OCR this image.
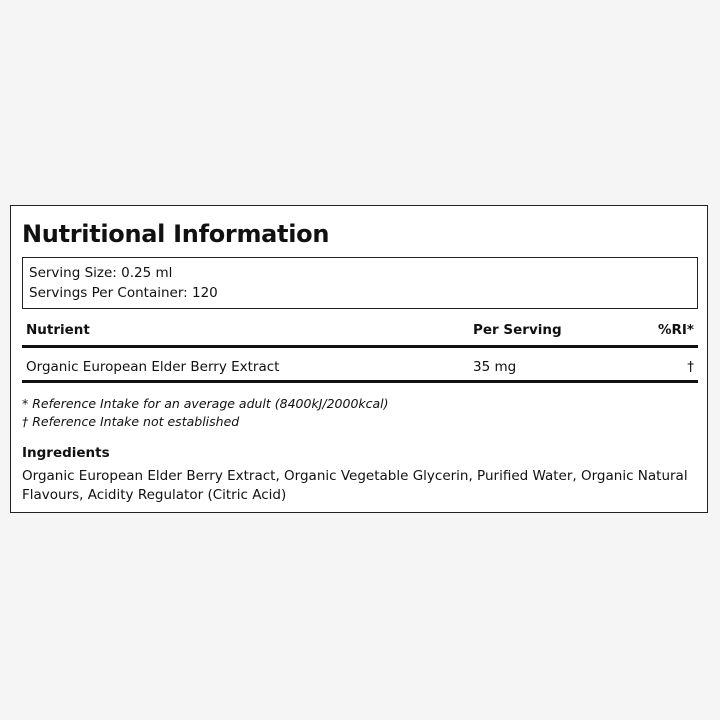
Nutritional Information
Serving Size: 0.25 ml
Servings Per Container: 120
Nutrient	Per Serving	%RI*
Organic European Elder Berry Extract	35 mg	†
* Reference Intake for an average adult (8400kJ/2000kcal)
† Reference Intake not established
Ingredients

Organic European Elder Berry Extract, Organic Vegetable Glycerin, Purified Water, Organic Natural Flavours, Acidity Regulator (Citric Acid)
